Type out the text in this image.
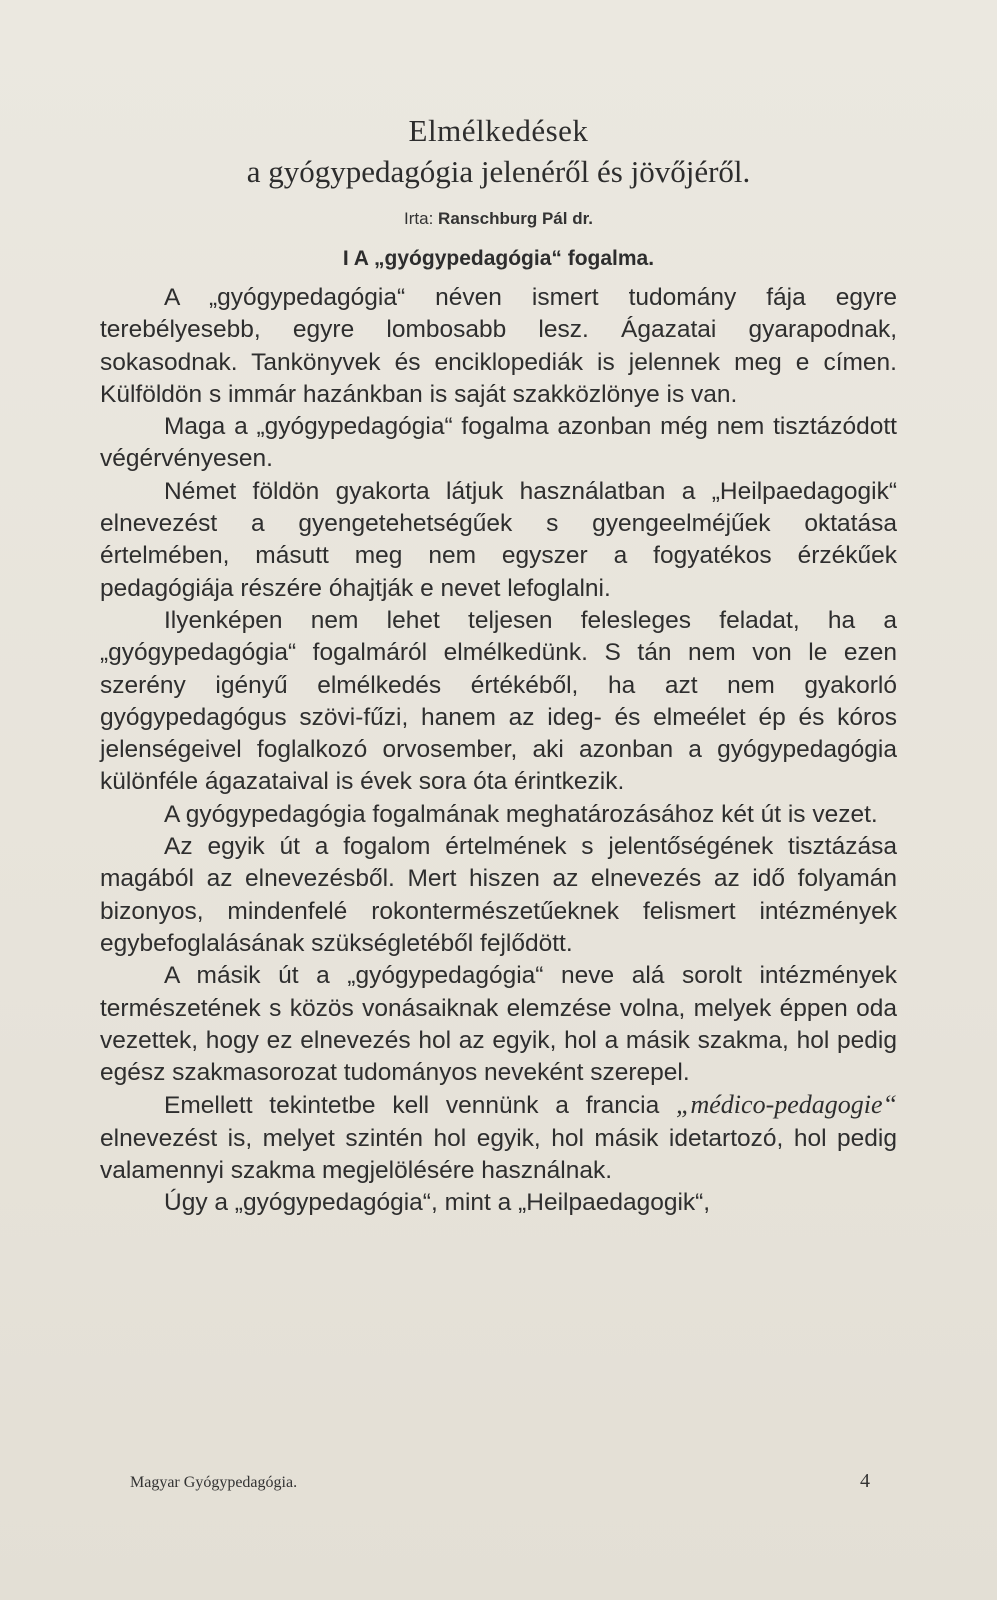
Elmélkedések
a gyógypedagógia jelenéről és jövőjéről.
Irta: Ranschburg Pál dr.
I A „gyógypedagógia“ fogalma.

A „gyógypedagógia“ néven ismert tudomány fája egyre terebélyesebb, egyre lombosabb lesz. Ágazatai gyarapodnak, sokasodnak. Tankönyvek és enciklopediák is jelennek meg e címen. Külföldön s immár hazánkban is saját szakközlönye is van.

Maga a „gyógypedagógia“ fogalma azonban még nem tisztázódott végérvényesen.

Német földön gyakorta látjuk használatban a „Heilpaedagogik“ elnevezést a gyengetehetségűek s gyengeelméjűek oktatása értelmében, másutt meg nem egyszer a fogyatékos érzékűek pedagógiája részére óhajtják e nevet lefoglalni.

Ilyenképen nem lehet teljesen felesleges feladat, ha a „gyógypedagógia“ fogalmáról elmélkedünk. S tán nem von le ezen szerény igényű elmélkedés értékéből, ha azt nem gyakorló gyógypedagógus szövi-fűzi, hanem az ideg- és elmeélet ép és kóros jelenségeivel foglalkozó orvosember, aki azonban a gyógypedagógia különféle ágazataival is évek sora óta érintkezik.

A gyógypedagógia fogalmának meghatározásához két út is vezet.

Az egyik út a fogalom értelmének s jelentőségének tisztázása magából az elnevezésből. Mert hiszen az elnevezés az idő folyamán bizonyos, mindenfelé rokontermészetűeknek felismert intézmények egybefoglalásának szükségletéből fejlődött.

A másik út a „gyógypedagógia“ neve alá sorolt intézmények természetének s közös vonásaiknak elemzése volna, melyek éppen oda vezettek, hogy ez elnevezés hol az egyik, hol a másik szakma, hol pedig egész szakmasorozat tudományos neveként szerepel.

Emellett tekintetbe kell vennünk a francia „médico-pedagogie“ elnevezést is, melyet szintén hol egyik, hol másik idetartozó, hol pedig valamennyi szakma megjelölésére használnak.

Úgy a „gyógypedagógia“, mint a „Heilpaedagogik“,

Magyar Gyógypedagógia.	4
